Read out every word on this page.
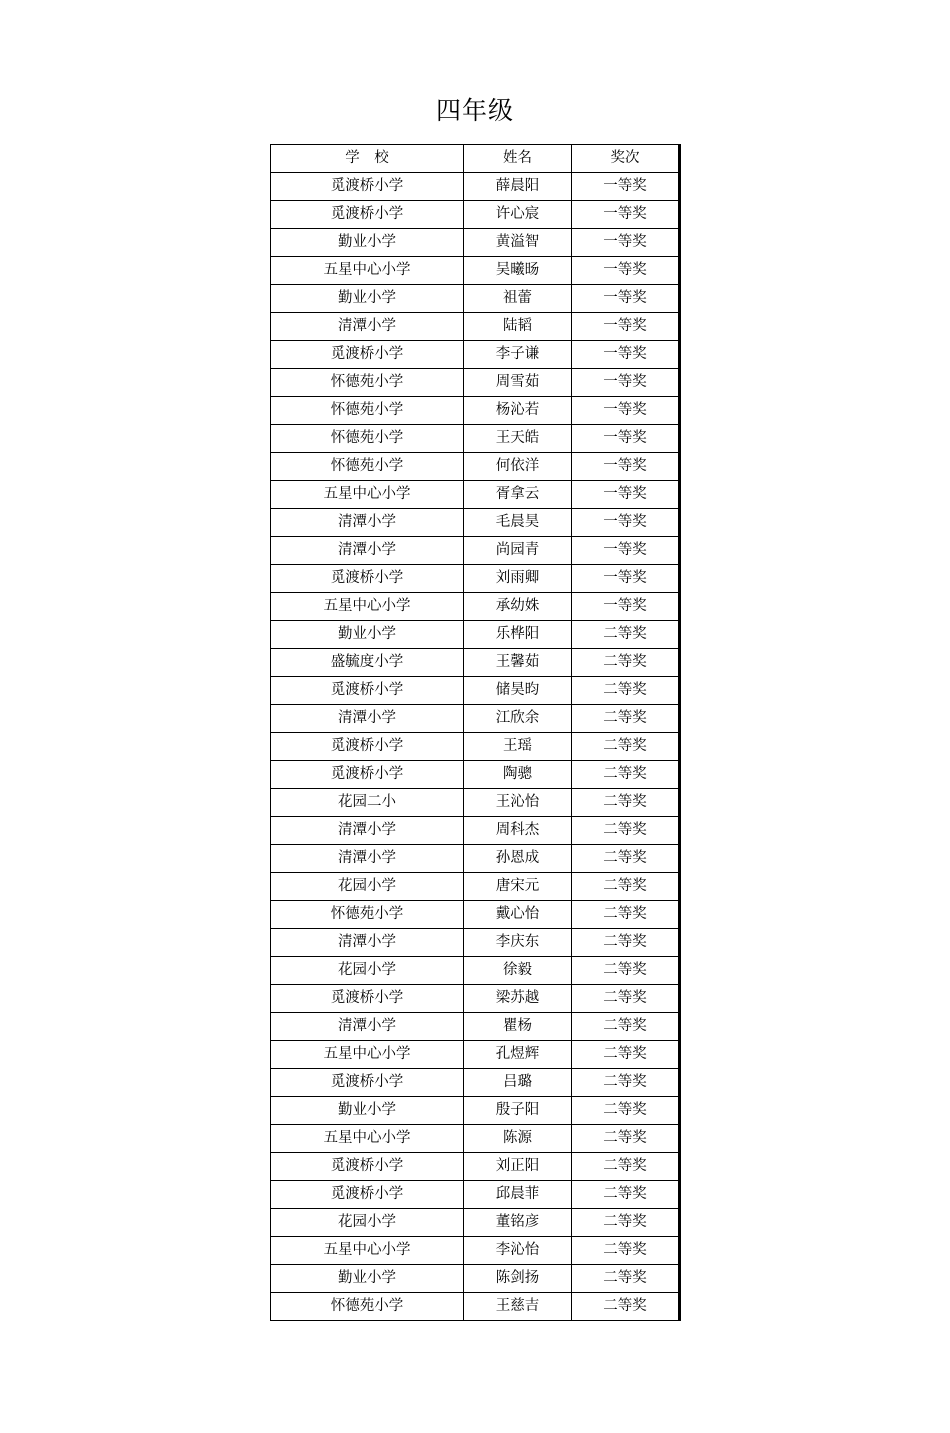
四年级
学　校	姓名	奖次
觅渡桥小学	薛晨阳	一等奖
觅渡桥小学	许心宸	一等奖
勤业小学	黄溢智	一等奖
五星中心小学	吴曦旸	一等奖
勤业小学	祖蕾	一等奖
清潭小学	陆韬	一等奖
觅渡桥小学	李子谦	一等奖
怀德苑小学	周雪茹	一等奖
怀德苑小学	杨沁若	一等奖
怀德苑小学	王天皓	一等奖
怀德苑小学	何依洋	一等奖
五星中心小学	胥拿云	一等奖
清潭小学	毛晨昊	一等奖
清潭小学	尚园青	一等奖
觅渡桥小学	刘雨卿	一等奖
五星中心小学	承幼姝	一等奖
勤业小学	乐桦阳	二等奖
盛毓度小学	王馨茹	二等奖
觅渡桥小学	储昊昀	二等奖
清潭小学	江欣余	二等奖
觅渡桥小学	王瑶	二等奖
觅渡桥小学	陶骢	二等奖
花园二小	王沁怡	二等奖
清潭小学	周科杰	二等奖
清潭小学	孙恩成	二等奖
花园小学	唐宋元	二等奖
怀德苑小学	戴心怡	二等奖
清潭小学	李庆东	二等奖
花园小学	徐毅	二等奖
觅渡桥小学	梁苏越	二等奖
清潭小学	瞿杨	二等奖
五星中心小学	孔煜辉	二等奖
觅渡桥小学	吕璐	二等奖
勤业小学	殷子阳	二等奖
五星中心小学	陈源	二等奖
觅渡桥小学	刘正阳	二等奖
觅渡桥小学	邱晨菲	二等奖
花园小学	董铭彦	二等奖
五星中心小学	李沁怡	二等奖
勤业小学	陈剑扬	二等奖
怀德苑小学	王慈吉	二等奖
